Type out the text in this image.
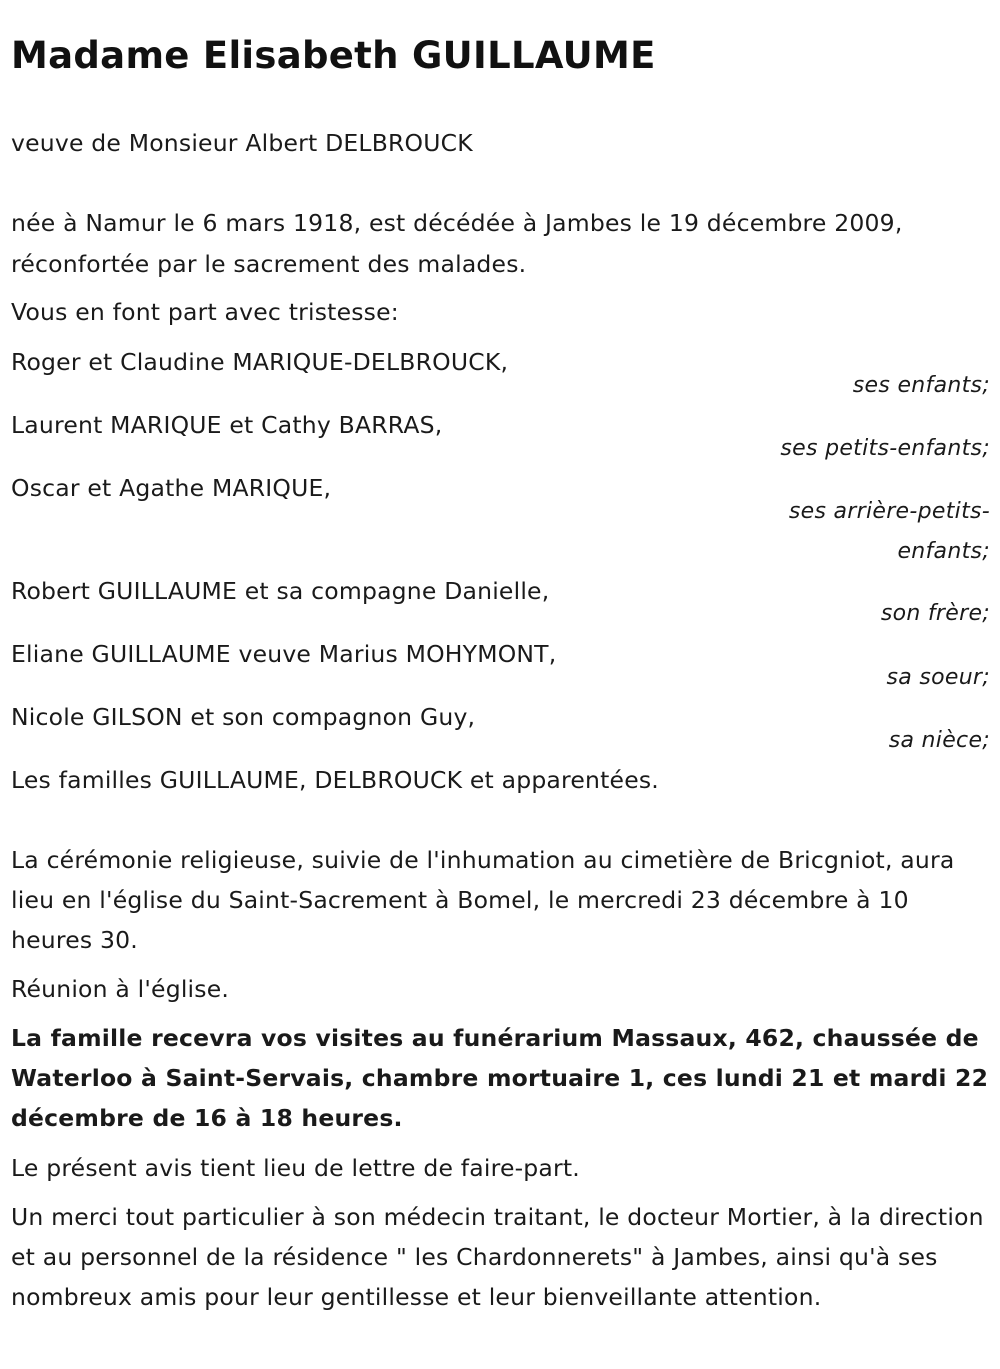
Madame Elisabeth GUILLAUME

veuve de Monsieur Albert DELBROUCK

née à Namur le 6 mars 1918, est décédée à Jambes le 19 décembre 2009,

réconfortée par le sacrement des malades.

Vous en font part avec tristesse:

Roger et Claudine MARIQUE-DELBROUCK,

ses enfants;

Laurent MARIQUE et Cathy BARRAS,

ses petits-enfants;

Oscar et Agathe MARIQUE,

ses arrière-petits-

enfants;

Robert GUILLAUME et sa compagne Danielle,

son frère;

Eliane GUILLAUME veuve Marius MOHYMONT,

sa soeur;

Nicole GILSON et son compagnon Guy,

sa nièce;

Les familles GUILLAUME, DELBROUCK et apparentées.

La cérémonie religieuse, suivie de l'inhumation au cimetière de Bricgniot, aura lieu en l'église du Saint-Sacrement à Bomel, le mercredi 23 décembre à 10 heures 30.

Réunion à l'église.

La famille recevra vos visites au funérarium Massaux, 462, chaussée de Waterloo à Saint-Servais, chambre mortuaire 1, ces lundi 21 et mardi 22 décembre de 16 à 18 heures.

Le présent avis tient lieu de lettre de faire-part.

Un merci tout particulier à son médecin traitant, le docteur Mortier, à la direction et au personnel de la résidence " les Chardonnerets" à Jambes, ainsi qu'à ses nombreux amis pour leur gentillesse et leur bienveillante attention.
